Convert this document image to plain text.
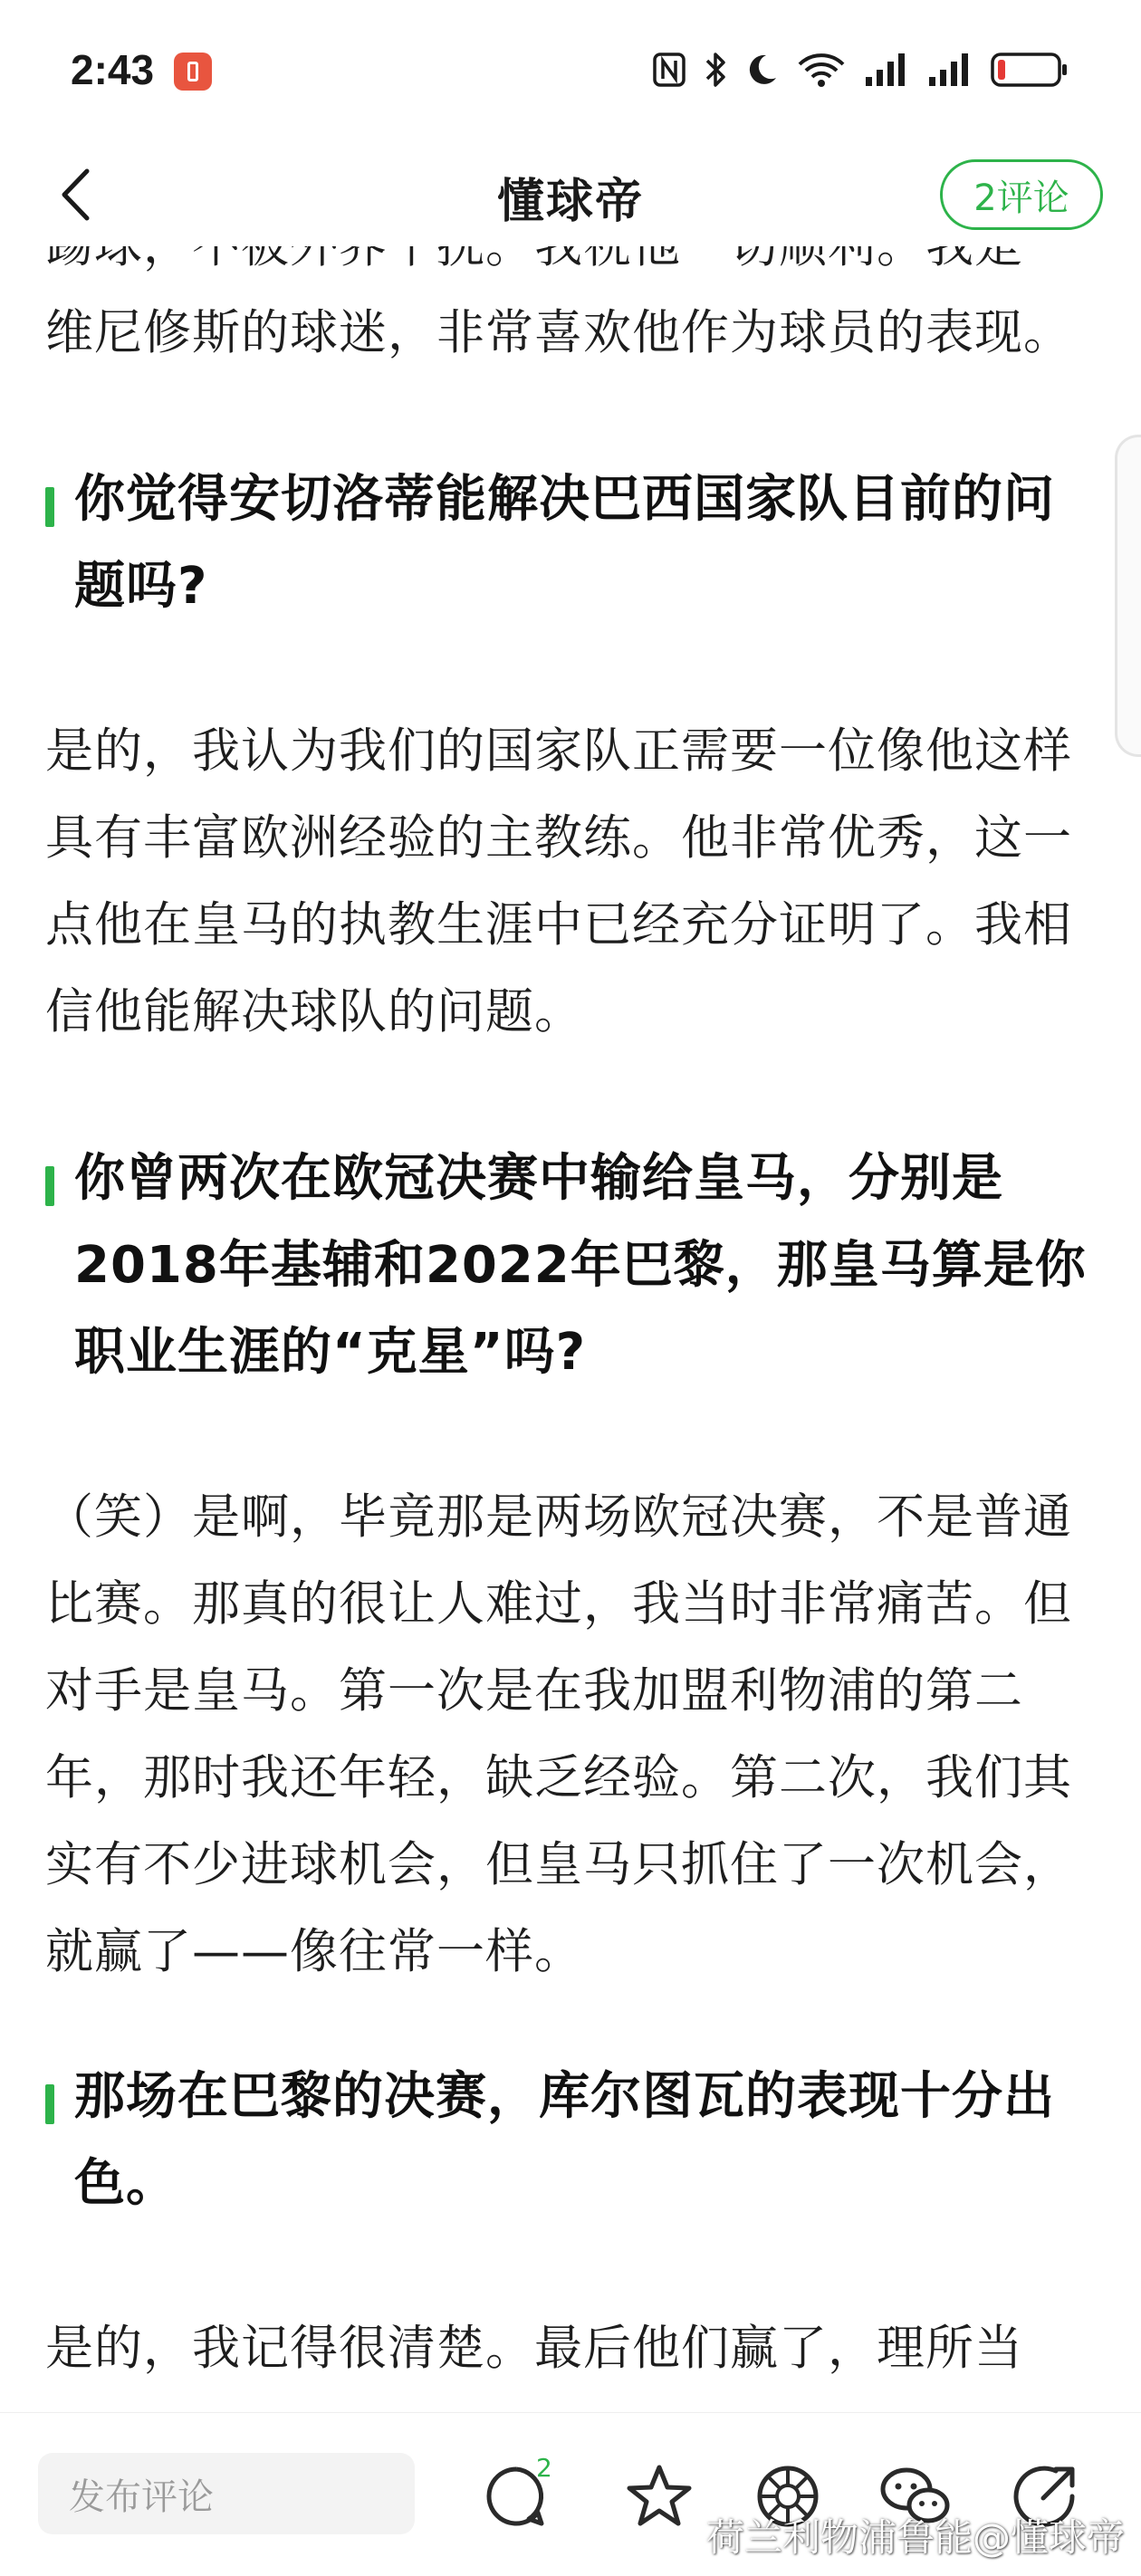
2:43
懂球帝	2评论

维尼修斯的球迷，非常喜欢他作为球员的表现。

你觉得安切洛蒂能解决巴西国家队目前的问题吗?

是的，我认为我们的国家队正需要一位像他这样具有丰富欧洲经验的主教练。他非常优秀，这一点他在皇马的执教生涯中已经充分证明了。我相信他能解决球队的问题。

你曾两次在欧冠决赛中输给皇马，分别是2018年基辅和2022年巴黎，那皇马算是你职业生涯的“克星”吗?

（笑）是啊，毕竟那是两场欧冠决赛，不是普通比赛。那真的很让人难过，我当时非常痛苦。但对手是皇马。第一次是在我加盟利物浦的第二年，那时我还年轻，缺乏经验。第二次，我们其实有不少进球机会，但皇马只抓住了一次机会，就赢了——像往常一样。

那场在巴黎的决赛，库尔图瓦的表现十分出色。

是的，我记得很清楚。最后他们赢了，理所当

发布评论
2
荷兰利物浦鲁能@懂球帝
